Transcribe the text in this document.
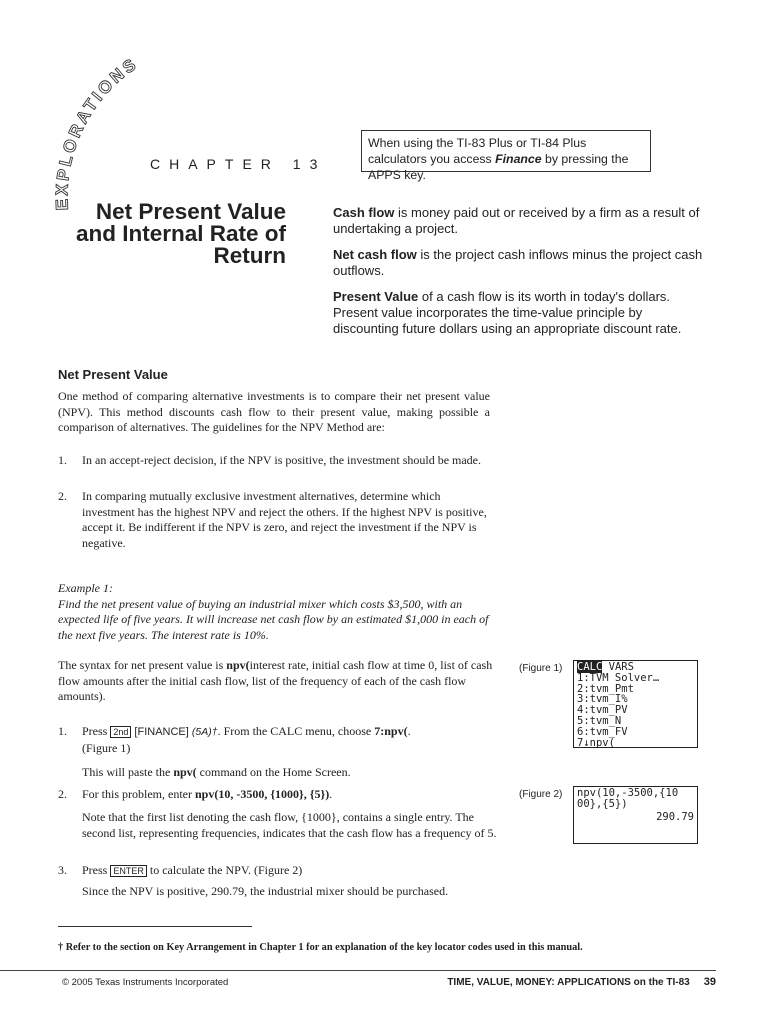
EXPLORATIONS
CHAPTER 13
When using the TI-83 Plus or TI-84 Plus calculators you access Finance by pressing the APPS key.
Net Present Value and Internal Rate of Return

Cash flow is money paid out or received by a firm as a result of undertaking a project.

Net cash flow is the project cash inflows minus the project cash outflows.

Present Value of a cash flow is its worth in today's dollars. Present value incorporates the time-value principle by discounting future dollars using an appropriate discount rate.

Net Present Value
One method of comparing alternative investments is to compare their net present value (NPV). This method discounts cash flow to their present value, making possible a comparison of alternatives. The guidelines for the NPV Method are:
1. In an accept-reject decision, if the NPV is positive, the investment should be made.
2. In comparing mutually exclusive investment alternatives, determine which investment has the highest NPV and reject the others. If the highest NPV is positive, accept it. Be indifferent if the NPV is zero, and reject the investment if the NPV is negative.
Example 1:
Find the net present value of buying an industrial mixer which costs $3,500, with an expected life of five years. It will increase net cash flow by an estimated $1,000 in each of the next five years. The interest rate is 10%.
The syntax for net present value is npv(interest rate, initial cash flow at time 0, list of cash flow amounts after the initial cash flow, list of the frequency of each of the cash flow amounts).
1. Press 2nd [FINANCE] (5A)†. From the CALC menu, choose 7:npv(.
(Figure 1)
This will paste the npv( command on the Home Screen.
2. For this problem, enter npv(10, -3500, {1000}, {5}).
Note that the first list denoting the cash flow, {1000}, contains a single entry. The second list, representing frequencies, indicates that the cash flow has a frequency of 5.
3. Press ENTER to calculate the NPV. (Figure 2)
Since the NPV is positive, 290.79, the industrial mixer should be purchased.
(Figure 1) CALC VARS
1:TVM Solver…
2:tvm_Pmt
3:tvm_I%
4:tvm_PV
5:tvm_N
6:tvm_FV
7↓npv(
(Figure 2) npv(10,-3500,{10
00},{5})
290.79
† Refer to the section on Key Arrangement in Chapter 1 for an explanation of the key locator codes used in this manual.
© 2005 Texas Instruments Incorporated	TIME, VALUE, MONEY: APPLICATIONS on the TI-83 39
